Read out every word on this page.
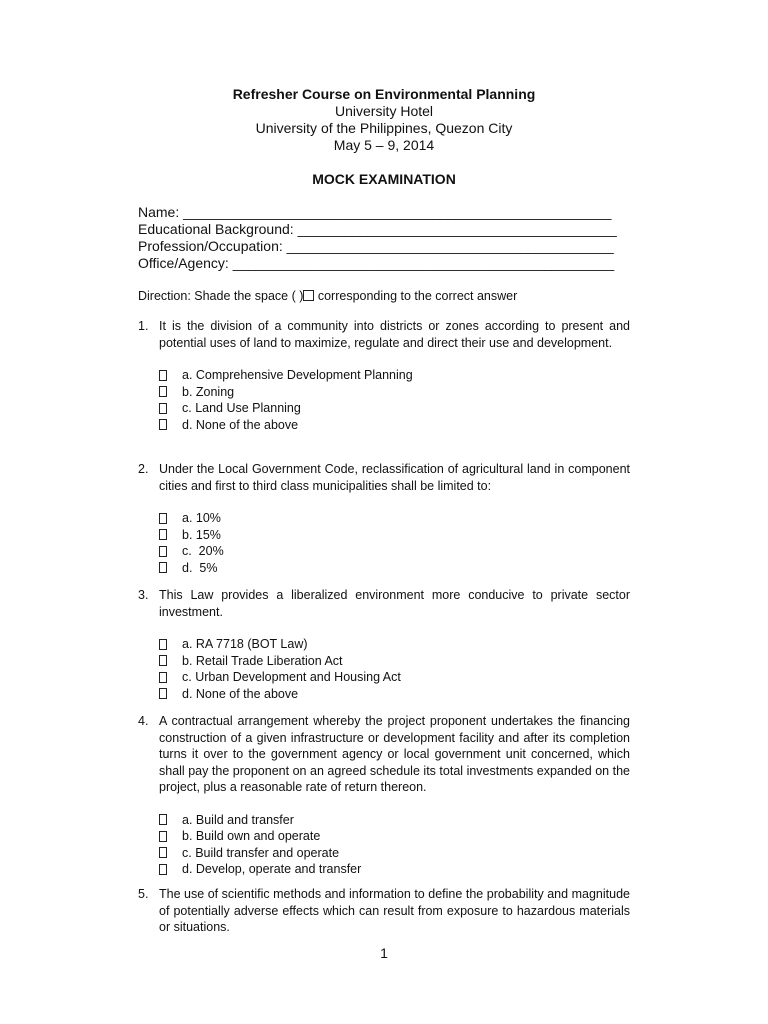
Refresher Course on Environmental Planning
University Hotel
University of the Philippines, Quezon City
May 5 – 9, 2014
MOCK EXAMINATION
Name: _______________________________________________________
Educational Background: _________________________________________
Profession/Occupation: __________________________________________
Office/Agency: _________________________________________________
Direction: Shade the space ( ) corresponding to the correct answer
1. It is the division of a community into districts or zones according to present and potential uses of land to maximize, regulate and direct their use and development.
a. Comprehensive Development Planning
b. Zoning
c. Land Use Planning
d. None of the above
2. Under the Local Government Code, reclassification of agricultural land in component cities and first to third class municipalities shall be limited to:
a. 10%
b. 15%
c.  20%
d.  5%
3. This Law provides a liberalized environment more conducive to private sector investment.
a. RA 7718 (BOT Law)
b. Retail Trade Liberation Act
c. Urban Development and Housing Act
d. None of the above
4. A contractual arrangement whereby the project proponent undertakes the financing construction of a given infrastructure or development facility and after its completion turns it over to the government agency or local government unit concerned, which shall pay the proponent on an agreed schedule its total investments expanded on the project, plus a reasonable rate of return thereon.
a. Build and transfer
b. Build own and operate
c. Build transfer and operate
d. Develop, operate and transfer
5. The use of scientific methods and information to define the probability and magnitude of potentially adverse effects which can result from exposure to hazardous materials or situations.
1
